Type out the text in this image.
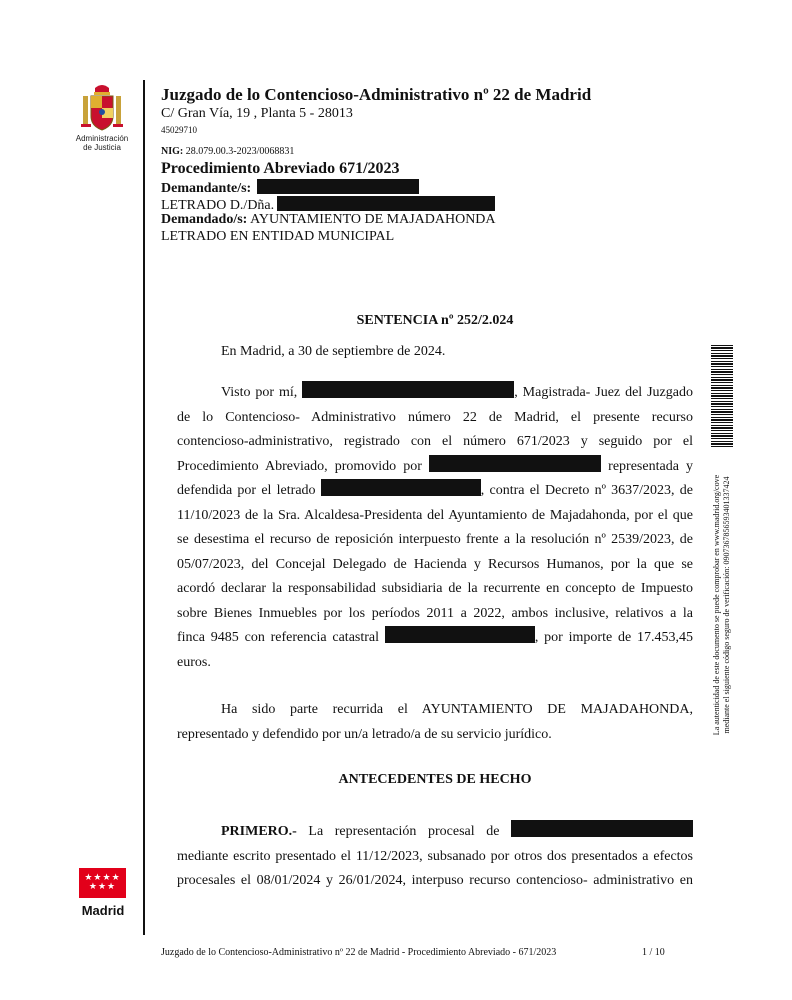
Administración
de Justicia
Juzgado de lo Contencioso-Administrativo nº 22 de Madrid
C/ Gran Vía, 19 , Planta 5 - 28013
45029710
NIG: 28.079.00.3-2023/0068831
Procedimiento Abreviado 671/2023
Demandante/s:
LETRADO D./Dña.
Demandado/s: AYUNTAMIENTO DE MAJADAHONDA
LETRADO EN ENTIDAD MUNICIPAL
SENTENCIA nº 252/2.024
En Madrid, a 30 de septiembre de 2024.
Visto por mí,	, Magistrada- Juez del Juzgado
de lo Contencioso- Administrativo número 22 de Madrid, el presente recurso
contencioso-administrativo, registrado con el número 671/2023 y seguido por el
Procedimiento Abreviado, promovido por	representada y
defendida por el letrado	, contra el Decreto nº 3637/2023, de
11/10/2023 de la Sra. Alcaldesa-Presidenta del Ayuntamiento de Majadahonda, por el que
se desestima el recurso de reposición interpuesto frente a la resolución nº 2539/2023, de
05/07/2023, del Concejal Delegado de Hacienda y Recursos Humanos, por la que se
acordó declarar la responsabilidad subsidiaria de la recurrente en concepto de Impuesto
sobre Bienes Inmuebles por los períodos 2011 a 2022, ambos inclusive, relativos a la
finca 9485 con referencia catastral	, por importe de 17.453,45
euros.
Ha sido parte recurrida el AYUNTAMIENTO DE MAJADAHONDA,
representado y defendido por un/a letrado/a de su servicio jurídico.
ANTECEDENTES DE HECHO
PRIMERO.- La representación procesal de
mediante escrito presentado el 11/12/2023, subsanado por otros dos presentados a efectos
procesales el 08/01/2024 y 26/01/2024, interpuso recurso contencioso- administrativo en
La autenticidad de este documento se puede comprobar en www.madrid.org/cove mediante el siguiente código seguro de verificación: 0907367856593401337424
★★★★ ★★★
Madrid
Juzgado de lo Contencioso-Administrativo nº 22 de Madrid - Procedimiento Abreviado - 671/2023	1 / 10
